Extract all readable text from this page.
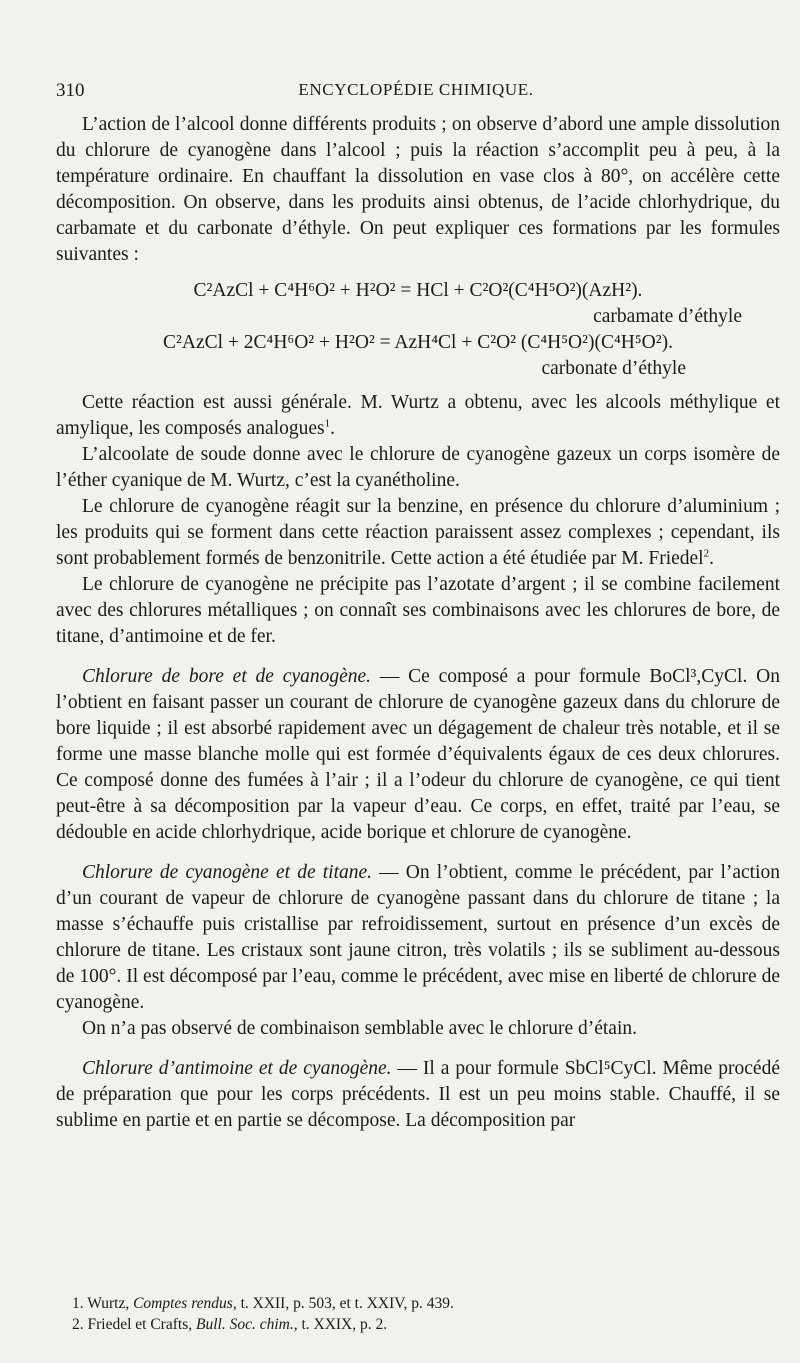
310	ENCYCLOPÉDIE CHIMIQUE.

L’action de l’alcool donne différents produits ; on observe d’abord une ample dissolution du chlorure de cyanogène dans l’alcool ; puis la réaction s’accomplit peu à peu, à la température ordinaire. En chauffant la dissolution en vase clos à 80°, on accélère cette décomposition. On observe, dans les produits ainsi obtenus, de l’acide chlorhydrique, du carbamate et du carbonate d’éthyle. On peut expliquer ces formations par les formules suivantes :

C²AzCl + C⁴H⁶O² + H²O² = HCl + C²O²(C⁴H⁵O²)(AzH²).
carbamate d’éthyle
C²AzCl + 2C⁴H⁶O² + H²O² = AzH⁴Cl + C²O² (C⁴H⁵O²)(C⁴H⁵O²).
carbonate d’éthyle

Cette réaction est aussi générale. M. Wurtz a obtenu, avec les alcools méthylique et amylique, les composés analogues$^1$.

L’alcoolate de soude donne avec le chlorure de cyanogène gazeux un corps isomère de l’éther cyanique de M. Wurtz, c’est la cyanétholine.

Le chlorure de cyanogène réagit sur la benzine, en présence du chlorure d’aluminium ; les produits qui se forment dans cette réaction paraissent assez complexes ; cependant, ils sont probablement formés de benzonitrile. Cette action a été étudiée par M. Friedel$^2$.

Le chlorure de cyanogène ne précipite pas l’azotate d’argent ; il se combine facilement avec des chlorures métalliques ; on connaît ses combinaisons avec les chlorures de bore, de titane, d’antimoine et de fer.

Chlorure de bore et de cyanogène. — Ce composé a pour formule BoCl³,CyCl. On l’obtient en faisant passer un courant de chlorure de cyanogène gazeux dans du chlorure de bore liquide ; il est absorbé rapidement avec un dégagement de chaleur très notable, et il se forme une masse blanche molle qui est formée d’équivalents égaux de ces deux chlorures. Ce composé donne des fumées à l’air ; il a l’odeur du chlorure de cyanogène, ce qui tient peut-être à sa décomposition par la vapeur d’eau. Ce corps, en effet, traité par l’eau, se dédouble en acide chlorhydrique, acide borique et chlorure de cyanogène.

Chlorure de cyanogène et de titane. — On l’obtient, comme le précédent, par l’action d’un courant de vapeur de chlorure de cyanogène passant dans du chlorure de titane ; la masse s’échauffe puis cristallise par refroidissement, surtout en présence d’un excès de chlorure de titane. Les cristaux sont jaune citron, très volatils ; ils se subliment au-dessous de 100°. Il est décomposé par l’eau, comme le précédent, avec mise en liberté de chlorure de cyanogène.

On n’a pas observé de combinaison semblable avec le chlorure d’étain.

Chlorure d’antimoine et de cyanogène. — Il a pour formule SbCl⁵CyCl. Même procédé de préparation que pour les corps précédents. Il est un peu moins stable. Chauffé, il se sublime en partie et en partie se décompose. La décomposition par

1. Wurtz, Comptes rendus, t. XXII, p. 503, et t. XXIV, p. 439.
2. Friedel et Crafts, Bull. Soc. chim., t. XXIX, p. 2.
